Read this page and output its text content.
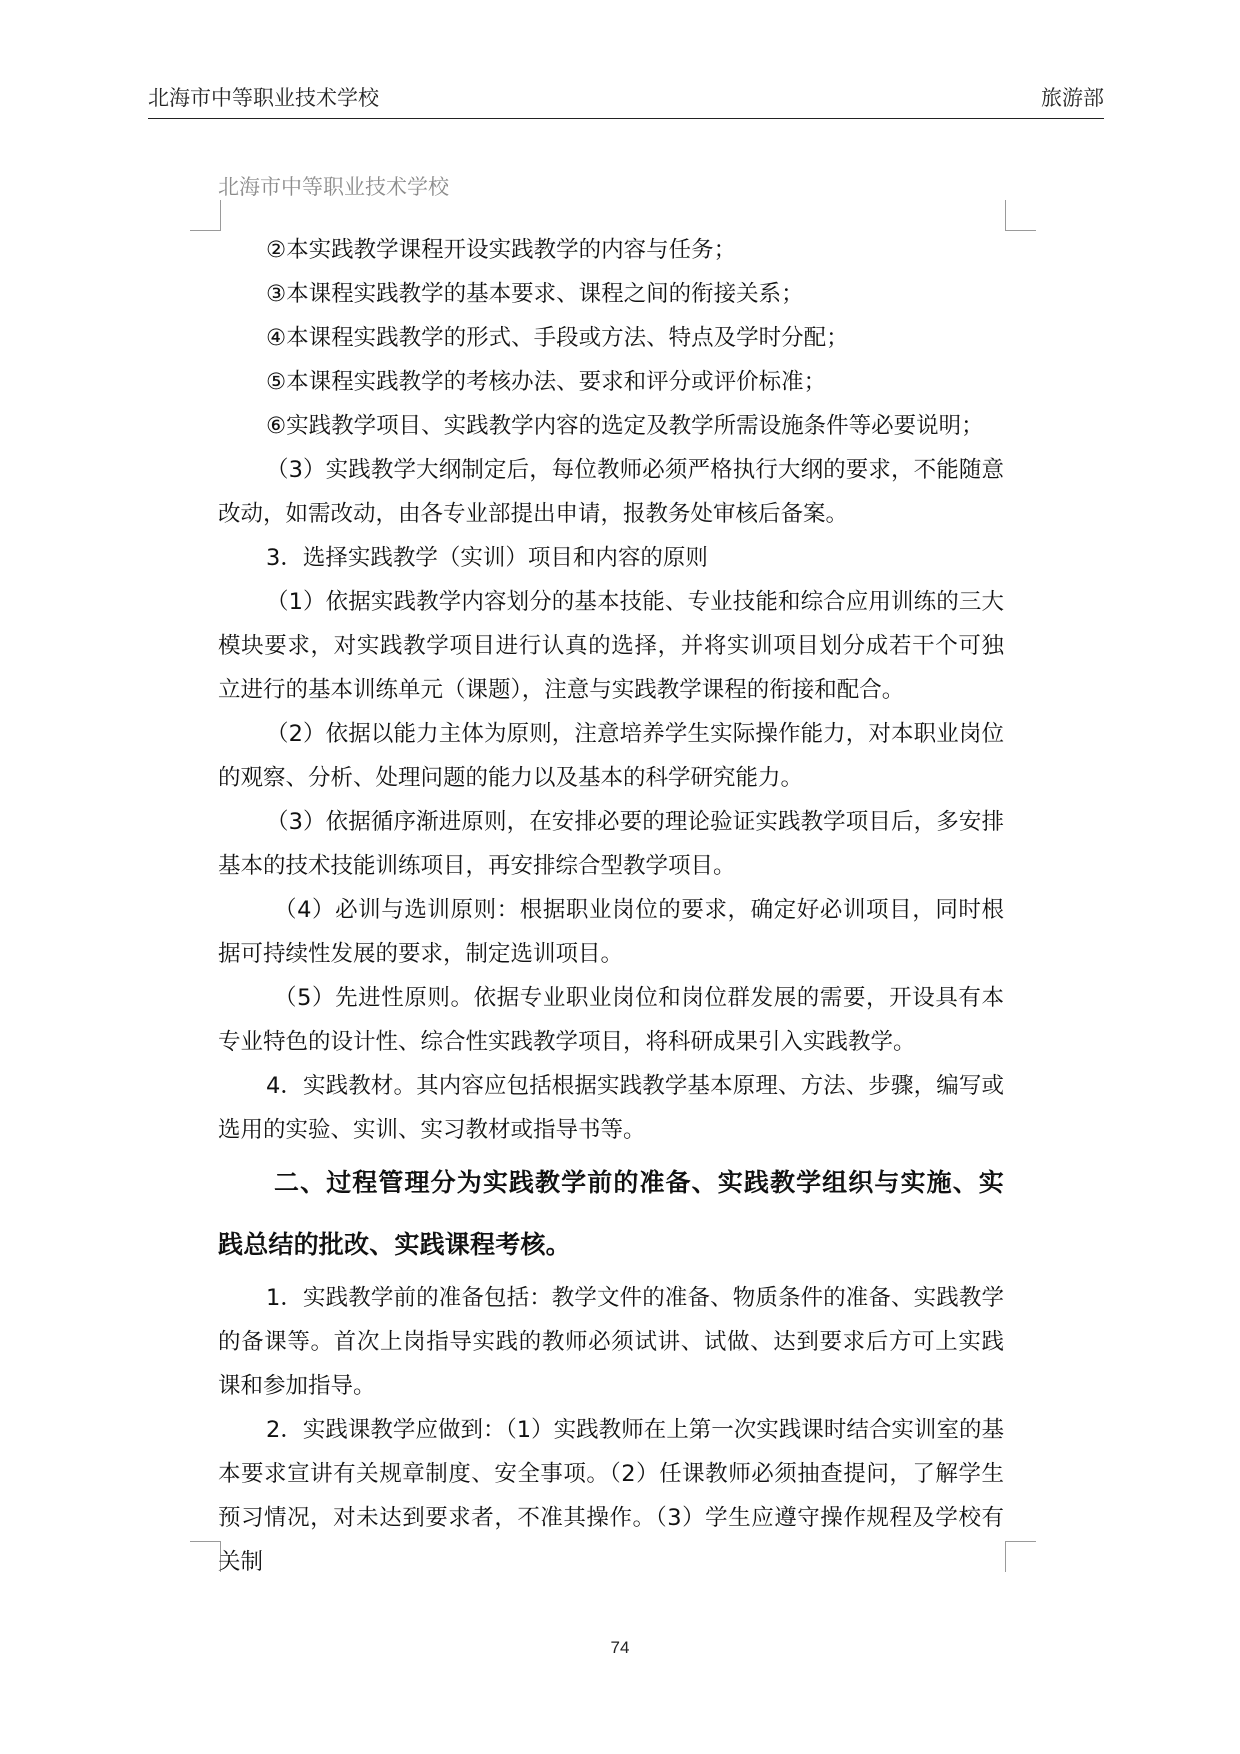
北海市中等职业技术学校	旅游部
北海市中等职业技术学校

②本实践教学课程开设实践教学的内容与任务；

③本课程实践教学的基本要求、课程之间的衔接关系；

④本课程实践教学的形式、手段或方法、特点及学时分配；

⑤本课程实践教学的考核办法、要求和评分或评价标准；

⑥实践教学项目、实践教学内容的选定及教学所需设施条件等必要说明；

（3）实践教学大纲制定后，每位教师必须严格执行大纲的要求，不能随意改动，如需改动，由各专业部提出申请，报教务处审核后备案。

3．选择实践教学（实训）项目和内容的原则

（1）依据实践教学内容划分的基本技能、专业技能和综合应用训练的三大模块要求，对实践教学项目进行认真的选择，并将实训项目划分成若干个可独立进行的基本训练单元（课题），注意与实践教学课程的衔接和配合。

（2）依据以能力主体为原则，注意培养学生实际操作能力，对本职业岗位的观察、分析、处理问题的能力以及基本的科学研究能力。

（3）依据循序渐进原则，在安排必要的理论验证实践教学项目后，多安排基本的技术技能训练项目，再安排综合型教学项目。

（4）必训与选训原则：根据职业岗位的要求，确定好必训项目，同时根据可持续性发展的要求，制定选训项目。

（5）先进性原则。依据专业职业岗位和岗位群发展的需要，开设具有本专业特色的设计性、综合性实践教学项目，将科研成果引入实践教学。

4．实践教材。其内容应包括根据实践教学基本原理、方法、步骤，编写或选用的实验、实训、实习教材或指导书等。

二、过程管理分为实践教学前的准备、实践教学组织与实施、实践总结的批改、实践课程考核。

1．实践教学前的准备包括：教学文件的准备、物质条件的准备、实践教学的备课等。首次上岗指导实践的教师必须试讲、试做、达到要求后方可上实践课和参加指导。

2．实践课教学应做到：（1）实践教师在上第一次实践课时结合实训室的基本要求宣讲有关规章制度、安全事项。（2）任课教师必须抽查提问，了解学生预习情况，对未达到要求者，不准其操作。（3）学生应遵守操作规程及学校有关制

74
